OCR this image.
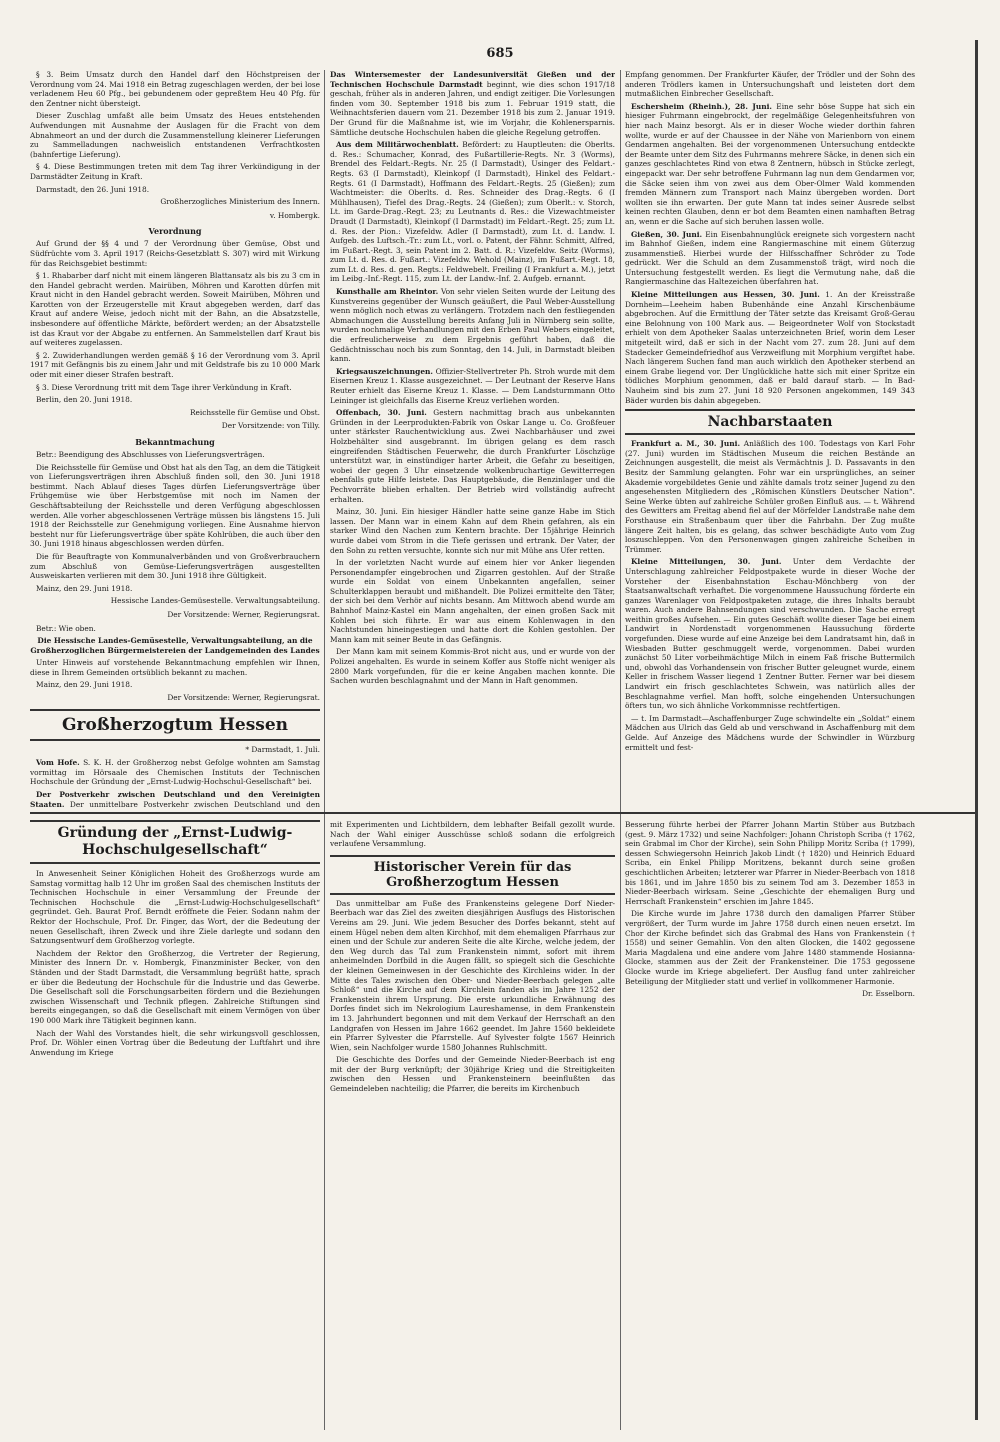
685

§ 3. Beim Umsatz durch den Handel darf den Höchstpreisen der Verordnung vom 24. Mai 1918 ein Betrag zugeschlagen werden, der bei lose verladenem Heu 60 Pfg., bei gebundenem oder gepreßtem Heu 40 Pfg. für den Zentner nicht übersteigt.

Dieser Zuschlag umfaßt alle beim Umsatz des Heues entstehenden Aufwendungen mit Ausnahme der Auslagen für die Fracht von dem Abnahmeort an und der durch die Zusammenstellung kleinerer Lieferungen zu Sammelladungen nachweislich entstandenen Verfrachtkosten (bahnfertige Lieferung).

§ 4. Diese Bestimmungen treten mit dem Tag ihrer Verkündigung in der Darmstädter Zeitung in Kraft.

Darmstadt, den 26. Juni 1918.

Großherzogliches Ministerium des Innern.

v. Hombergk.

Verordnung

Auf Grund der §§ 4 und 7 der Verordnung über Gemüse, Obst und Südfrüchte vom 3. April 1917 (Reichs-Gesetzblatt S. 307) wird mit Wirkung für das Reichsgebiet bestimmt:

§ 1. Rhabarber darf nicht mit einem längeren Blattansatz als bis zu 3 cm in den Handel gebracht werden. Mairüben, Möhren und Karotten dürfen mit Kraut nicht in den Handel gebracht werden. Soweit Mairüben, Möhren und Karotten von der Erzeugerstelle mit Kraut abgegeben werden, darf das Kraut auf andere Weise, jedoch nicht mit der Bahn, an die Absatzstelle, insbesondere auf öffentliche Märkte, befördert werden; an der Absatzstelle ist das Kraut vor der Abgabe zu entfernen. An Sammelstellen darf Kraut bis auf weiteres zugelassen.

§ 2. Zuwiderhandlungen werden gemäß § 16 der Verordnung vom 3. April 1917 mit Gefängnis bis zu einem Jahr und mit Geldstrafe bis zu 10 000 Mark oder mit einer dieser Strafen bestraft.

§ 3. Diese Verordnung tritt mit dem Tage ihrer Verkündung in Kraft.

Berlin, den 20. Juni 1918.

Reichsstelle für Gemüse und Obst.

Der Vorsitzende: von Tilly.

Bekanntmachung

Betr.: Beendigung des Abschlusses von Lieferungsverträgen.

Die Reichsstelle für Gemüse und Obst hat als den Tag, an dem die Tätigkeit von Lieferungsverträgen ihren Abschluß finden soll, den 30. Juni 1918 bestimmt. Nach Ablauf dieses Tages dürfen Lieferungsverträge über Frühgemüse wie über Herbstgemüse mit noch im Namen der Geschäftsabteilung der Reichsstelle und deren Verfügung abgeschlossen werden. Alle vorher abgeschlossenen Verträge müssen bis längstens 15. Juli 1918 der Reichsstelle zur Genehmigung vorliegen. Eine Ausnahme hiervon besteht nur für Lieferungsverträge über späte Kohlrüben, die auch über den 30. Juni 1918 hinaus abgeschlossen werden dürfen.

Die für Beauftragte von Kommunalverbänden und von Großverbrauchern zum Abschluß von Gemüse-Lieferungsverträgen ausgestellten Ausweiskarten verlieren mit dem 30. Juni 1918 ihre Gültigkeit.

Mainz, den 29. Juni 1918.

Hessische Landes-Gemüsestelle. Verwaltungsabteilung.

Der Vorsitzende: Werner, Regierungsrat.

Betr.: Wie oben.

Die Hessische Landes-Gemüsestelle, Verwaltungsabteilung, an die Großherzoglichen Bürgermeistereien der Landgemeinden des Landes

Unter Hinweis auf vorstehende Bekanntmachung empfehlen wir Ihnen, diese in Ihrem Gemeinden ortsüblich bekannt zu machen.

Mainz, den 29. Juni 1918.

Der Vorsitzende: Werner, Regierungsrat.

Großherzogtum Hessen

* Darmstadt, 1. Juli.

Vom Hofe. S. K. H. der Großherzog nebst Gefolge wohnten am Samstag vormittag im Hörsaale des Chemischen Instituts der Technischen Hochschule der Gründung der „Ernst-Ludwig-Hochschul-Gesellschaft“ bei.

Der Postverkehr zwischen Deutschland und den Vereinigten Staaten. Der unmittelbare Postverkehr zwischen Deutschland und den

Das Wintersemester der Landesuniversität Gießen und der Technischen Hochschule Darmstadt beginnt, wie dies schon 1917/18 geschah, früher als in anderen Jahren, und endigt zeitiger. Die Vorlesungen finden vom 30. September 1918 bis zum 1. Februar 1919 statt, die Weihnachtsferien dauern vom 21. Dezember 1918 bis zum 2. Januar 1919. Der Grund für die Maßnahme ist, wie im Vorjahr, die Kohlenersparnis. Sämtliche deutsche Hochschulen haben die gleiche Regelung getroffen.

Aus dem Militärwochenblatt. Befördert: zu Hauptleuten: die Oberlts. d. Res.: Schumacher, Konrad, des Fußartillerie-Regts. Nr. 3 (Worms), Brendel des Feldart.-Regts. Nr. 25 (I Darmstadt), Usinger des Feldart.-Regts. 63 (I Darmstadt), Kleinkopf (I Darmstadt), Hinkel des Feldart.-Regts. 61 (I Darmstadt), Hoffmann des Feldart.-Regts. 25 (Gießen); zum Wachtmeister: die Oberlts. d. Res. Schneider des Drag.-Regts. 6 (I Mühlhausen), Tiefel des Drag.-Regts. 24 (Gießen); zum Oberlt.: v. Storch, Lt. im Garde-Drag.-Regt. 23; zu Leutnants d. Res.: die Vizewachtmeister Draudt (I Darmstadt), Kleinkopf (I Darmstadt) im Feldart.-Regt. 25; zum Lt. d. Res. der Pion.: Vizefeldw. Adler (I Darmstadt), zum Lt. d. Landw. I. Aufgeb. des Luftsch.-Tr.: zum Lt., vorl. o. Patent, der Fähnr. Schmitt, Alfred, im Fußart.-Regt. 3, sein Patent im 2. Batt. d. R.: Vizefeldw. Seitz (Worms), zum Lt. d. Res. d. Fußart.: Vizefeldw. Wehold (Mainz), im Fußart.-Regt. 18, zum Lt. d. Res. d. gen. Regts.: Feldwebelt. Freiling (I Frankfurt a. M.), jetzt im Leibg.-Inf.-Regt. 115, zum Lt. der Landw.-Inf. 2. Aufgeb. ernannt.

Kunsthalle am Rheintor. Von sehr vielen Seiten wurde der Leitung des Kunstvereins gegenüber der Wunsch geäußert, die Paul Weber-Ausstellung wenn möglich noch etwas zu verlängern. Trotzdem nach den festliegenden Abmachungen die Ausstellung bereits Anfang Juli in Nürnberg sein sollte, wurden nochmalige Verhandlungen mit den Erben Paul Webers eingeleitet, die erfreulicherweise zu dem Ergebnis geführt haben, daß die Gedächtnisschau noch bis zum Sonntag, den 14. Juli, in Darmstadt bleiben kann.

Kriegsauszeichnungen. Offizier-Stellvertreter Ph. Stroh wurde mit dem Eisernen Kreuz 1. Klasse ausgezeichnet. — Der Leutnant der Reserve Hans Reuter erhielt das Eiserne Kreuz 1. Klasse. — Dem Landsturmmann Otto Leininger ist gleichfalls das Eiserne Kreuz verliehen worden.

Offenbach, 30. Juni. Gestern nachmittag brach aus unbekannten Gründen in der Leerprodukten-Fabrik von Oskar Lange u. Co. Großfeuer unter stärkster Rauchentwicklung aus. Zwei Nachbarhäuser und zwei Holzbehälter sind ausgebrannt. Im übrigen gelang es dem rasch eingreifenden Städtischen Feuerwehr, die durch Frankfurter Löschzüge unterstützt war, in einstündiger harter Arbeit, die Gefahr zu beseitigen, wobei der gegen 3 Uhr einsetzende wolkenbruchartige Gewitterregen ebenfalls gute Hilfe leistete. Das Hauptgebäude, die Benzinlager und die Pechvorräte blieben erhalten. Der Betrieb wird vollständig aufrecht erhalten.

Mainz, 30. Juni. Ein hiesiger Händler hatte seine ganze Habe im Stich lassen. Der Mann war in einem Kahn auf dem Rhein gefahren, als ein starker Wind den Nachen zum Kentern brachte. Der 15jährige Heinrich wurde dabei vom Strom in die Tiefe gerissen und ertrank. Der Vater, der den Sohn zu retten versuchte, konnte sich nur mit Mühe ans Ufer retten.

In der vorletzten Nacht wurde auf einem hier vor Anker liegenden Personendampfer eingebrochen und Zigarren gestohlen. Auf der Straße wurde ein Soldat von einem Unbekannten angefallen, seiner Schulterklappen beraubt und mißhandelt. Die Polizei ermittelte den Täter, der sich bei dem Verhör auf nichts besann. Am Mittwoch abend wurde am Bahnhof Mainz-Kastel ein Mann angehalten, der einen großen Sack mit Kohlen bei sich führte. Er war aus einem Kohlenwagen in den Nachtstunden hineingestiegen und hatte dort die Kohlen gestohlen. Der Mann kam mit seiner Beute in das Gefängnis.

Der Mann kam mit seinem Kommis-Brot nicht aus, und er wurde von der Polizei angehalten. Es wurde in seinem Koffer aus Stoffe nicht weniger als 2800 Mark vorgefunden, für die er keine Angaben machen konnte. Die Sachen wurden beschlagnahmt und der Mann in Haft genommen.

Empfang genommen. Der Frankfurter Käufer, der Trödler und der Sohn des anderen Trödlers kamen in Untersuchungshaft und leisteten dort dem mutmaßlichen Einbrecher Gesellschaft.

Eschersheim (Rheinh.), 28. Juni. Eine sehr böse Suppe hat sich ein hiesiger Fuhrmann eingebrockt, der regelmäßige Gelegenheitsfuhren von hier nach Mainz besorgt. Als er in dieser Woche wieder dorthin fahren wollte, wurde er auf der Chaussee in der Nähe von Marienborn von einem Gendarmen angehalten. Bei der vorgenommenen Untersuchung entdeckte der Beamte unter dem Sitz des Fuhrmanns mehrere Säcke, in denen sich ein ganzes geschlachtetes Rind von etwa 8 Zentnern, hübsch in Stücke zerlegt, eingepackt war. Der sehr betroffene Fuhrmann lag nun dem Gendarmen vor, die Säcke seien ihm von zwei aus dem Ober-Olmer Wald kommenden fremden Männern zum Transport nach Mainz übergeben worden. Dort wollten sie ihn erwarten. Der gute Mann tat indes seiner Ausrede selbst keinen rechten Glauben, denn er bot dem Beamten einen namhaften Betrag an, wenn er die Sache auf sich beruhen lassen wolle.

Gießen, 30. Juni. Ein Eisenbahnunglück ereignete sich vorgestern nacht im Bahnhof Gießen, indem eine Rangiermaschine mit einem Güterzug zusammenstieß. Hierbei wurde der Hilfsschaffner Schröder zu Tode gedrückt. Wer die Schuld an dem Zusammenstoß trägt, wird noch die Untersuchung festgestellt werden. Es liegt die Vermutung nahe, daß die Rangiermaschine das Haltezeichen überfahren hat.

Kleine Mitteilungen aus Hessen, 30. Juni. 1. An der Kreisstraße Dornheim—Leeheim haben Bubenhände eine Anzahl Kirschenbäume abgebrochen. Auf die Ermittlung der Täter setzte das Kreisamt Groß-Gerau eine Belohnung von 100 Mark aus. — Beigeordneter Wolf von Stockstadt erhielt von dem Apotheker Saalas unterzeichneten Brief, worin dem Leser mitgeteilt wird, daß er sich in der Nacht vom 27. zum 28. Juni auf dem Stadecker Gemeindefriedhof aus Verzweiflung mit Morphium vergiftet habe. Nach längerem Suchen fand man auch wirklich den Apotheker sterbend an einem Grabe liegend vor. Der Unglückliche hatte sich mit einer Spritze ein tödliches Morphium genommen, daß er bald darauf starb. — In Bad-Nauheim sind bis zum 27. Juni 18 920 Personen angekommen, 149 343 Bäder wurden bis dahin abgegeben.

Nachbarstaaten

Frankfurt a. M., 30. Juni. Anläßlich des 100. Todestags von Karl Fohr (27. Juni) wurden im Städtischen Museum die reichen Bestände an Zeichnungen ausgestellt, die meist als Vermächtnis J. D. Passavants in den Besitz der Sammlung gelangten. Fohr war ein ursprüngliches, an seiner Akademie vorgebildetes Genie und zählte damals trotz seiner Jugend zu den angesehensten Mitgliedern des „Römischen Künstlers Deutscher Nation“. Seine Werke übten auf zahlreiche Schüler großen Einfluß aus. — t. Während des Gewitters am Freitag abend fiel auf der Mörfelder Landstraße nahe dem Forsthause ein Straßenbaum quer über die Fahrbahn. Der Zug mußte längere Zeit halten, bis es gelang, das schwer beschädigte Auto vom Zug loszuschleppen. Von den Personenwagen gingen zahlreiche Scheiben in Trümmer.

Kleine Mitteilungen, 30. Juni. Unter dem Verdachte der Unterschlagung zahlreicher Feldpostpakete wurde in dieser Woche der Vorsteher der Eisenbahnstation Eschau-Mönchberg von der Staatsanwaltschaft verhaftet. Die vorgenommene Haussuchung förderte ein ganzes Warenlager von Feldpostpaketen zutage, die ihres Inhalts beraubt waren. Auch andere Bahnsendungen sind verschwunden. Die Sache erregt weithin großes Aufsehen. — Ein gutes Geschäft wollte dieser Tage bei einem Landwirt in Nordenstadt vorgenommenen Haussuchung förderte vorgefunden. Diese wurde auf eine Anzeige bei dem Landratsamt hin, daß in Wiesbaden Butter geschmuggelt werde, vorgenommen. Dabei wurden zunächst 50 Liter vorbeihmächtige Milch in einem Faß frische Buttermilch und, obwohl das Vorhandensein von frischer Butter geleugnet wurde, einem Keller in frischem Wasser liegend 1 Zentner Butter. Ferner war bei diesem Landwirt ein frisch geschlachtetes Schwein, was natürlich alles der Beschlagnahme verfiel. Man hofft, solche eingehenden Untersuchungen öfters tun, wo sich ähnliche Vorkommnisse rechtfertigen.

— t. Im Darmstadt—Aschaffenburger Zuge schwindelte ein „Soldat“ einem Mädchen aus Ulrich das Geld ab und verschwand in Aschaffenburg mit dem Gelde. Auf Anzeige des Mädchens wurde der Schwindler in Würzburg ermittelt und fest-

Gründung der „Ernst-Ludwig-Hochschulgesellschaft“

In Anwesenheit Seiner Königlichen Hoheit des Großherzogs wurde am Samstag vormittag halb 12 Uhr im großen Saal des chemischen Instituts der Technischen Hochschule in einer Versammlung der Freunde der Technischen Hochschule die „Ernst-Ludwig-Hochschulgesellschaft“ gegründet. Geh. Baurat Prof. Berndt eröffnete die Feier. Sodann nahm der Rektor der Hochschule, Prof. Dr. Finger, das Wort, der die Bedeutung der neuen Gesellschaft, ihren Zweck und ihre Ziele darlegte und sodann den Satzungsentwurf dem Großherzog vorlegte.

Nachdem der Rektor den Großherzog, die Vertreter der Regierung, Minister des Innern Dr. v. Hombergk, Finanzminister Becker, von den Ständen und der Stadt Darmstadt, die Versammlung begrüßt hatte, sprach er über die Bedeutung der Hochschule für die Industrie und das Gewerbe. Die Gesellschaft soll die Forschungsarbeiten fördern und die Beziehungen zwischen Wissenschaft und Technik pflegen. Zahlreiche Stiftungen sind bereits eingegangen, so daß die Gesellschaft mit einem Vermögen von über 190 000 Mark ihre Tätigkeit beginnen kann.

Nach der Wahl des Vorstandes hielt, die sehr wirkungsvoll geschlossen, Prof. Dr. Wöhler einen Vortrag über die Bedeutung der Luftfahrt und ihre Anwendung im Kriege

mit Experimenten und Lichtbildern, dem lebhafter Beifall gezollt wurde. Nach der Wahl einiger Ausschüsse schloß sodann die erfolgreich verlaufene Versammlung.

Historischer Verein für das Großherzogtum Hessen

Das unmittelbar am Fuße des Frankensteins gelegene Dorf Nieder-Beerbach war das Ziel des zweiten diesjährigen Ausflugs des Historischen Vereins am 29. Juni. Wie jedem Besucher des Dorfes bekannt, steht auf einem Hügel neben dem alten Kirchhof, mit dem ehemaligen Pfarrhaus zur einen und der Schule zur anderen Seite die alte Kirche, welche jedem, der den Weg durch das Tal zum Frankenstein nimmt, sofort mit ihrem anheimelnden Dorfbild in die Augen fällt, so spiegelt sich die Geschichte der kleinen Gemeinwesen in der Geschichte des Kirchleins wider. In der Mitte des Tales zwischen den Ober- und Nieder-Beerbach gelegen „alte Schloß“ und die Kirche auf dem Kirchlein fanden als im Jahre 1252 der Frankenstein ihrem Ursprung. Die erste urkundliche Erwähnung des Dorfes findet sich im Nekrologium Laureshamense, in dem Frankenstein im 13. Jahrhundert begonnen und mit dem Verkauf der Herrschaft an den Landgrafen von Hessen im Jahre 1662 geendet. Im Jahre 1560 bekleidete ein Pfarrer Sylvester die Pfarrstelle. Auf Sylvester folgte 1567 Heinrich Wien, sein Nachfolger wurde 1580 Johannes Ruhlschmitt.

Die Geschichte des Dorfes und der Gemeinde Nieder-Beerbach ist eng mit der der Burg verknüpft; der 30jährige Krieg und die Streitigkeiten zwischen den Hessen und Frankensteinern beeinflußten das Gemeindeleben nachteilig; die Pfarrer, die bereits im Kirchenbuch

Besserung führte herbei der Pfarrer Johann Martin Stüber aus Butzbach (gest. 9. März 1732) und seine Nachfolger: Johann Christoph Scriba († 1762, sein Grabmal im Chor der Kirche), sein Sohn Philipp Moritz Scriba († 1799), dessen Schwiegersohn Heinrich Jakob Lindt († 1820) und Heinrich Eduard Scriba, ein Enkel Philipp Moritzens, bekannt durch seine großen geschichtlichen Arbeiten; letzterer war Pfarrer in Nieder-Beerbach von 1818 bis 1861, und im Jahre 1850 bis zu seinem Tod am 3. Dezember 1853 in Nieder-Beerbach wirksam. Seine „Geschichte der ehemaligen Burg und Herrschaft Frankenstein“ erschien im Jahre 1845.

Die Kirche wurde im Jahre 1738 durch den damaligen Pfarrer Stüber vergrößert, der Turm wurde im Jahre 1758 durch einen neuen ersetzt. Im Chor der Kirche befindet sich das Grabmal des Hans von Frankenstein († 1558) und seiner Gemahlin. Von den alten Glocken, die 1402 gegossene Maria Magdalena und eine andere vom Jahre 1480 stammende Hosianna-Glocke, stammen aus der Zeit der Frankensteiner. Die 1753 gegossene Glocke wurde im Kriege abgeliefert. Der Ausflug fand unter zahlreicher Beteiligung der Mitglieder statt und verlief in vollkommener Harmonie.

Dr. Esselborn.
